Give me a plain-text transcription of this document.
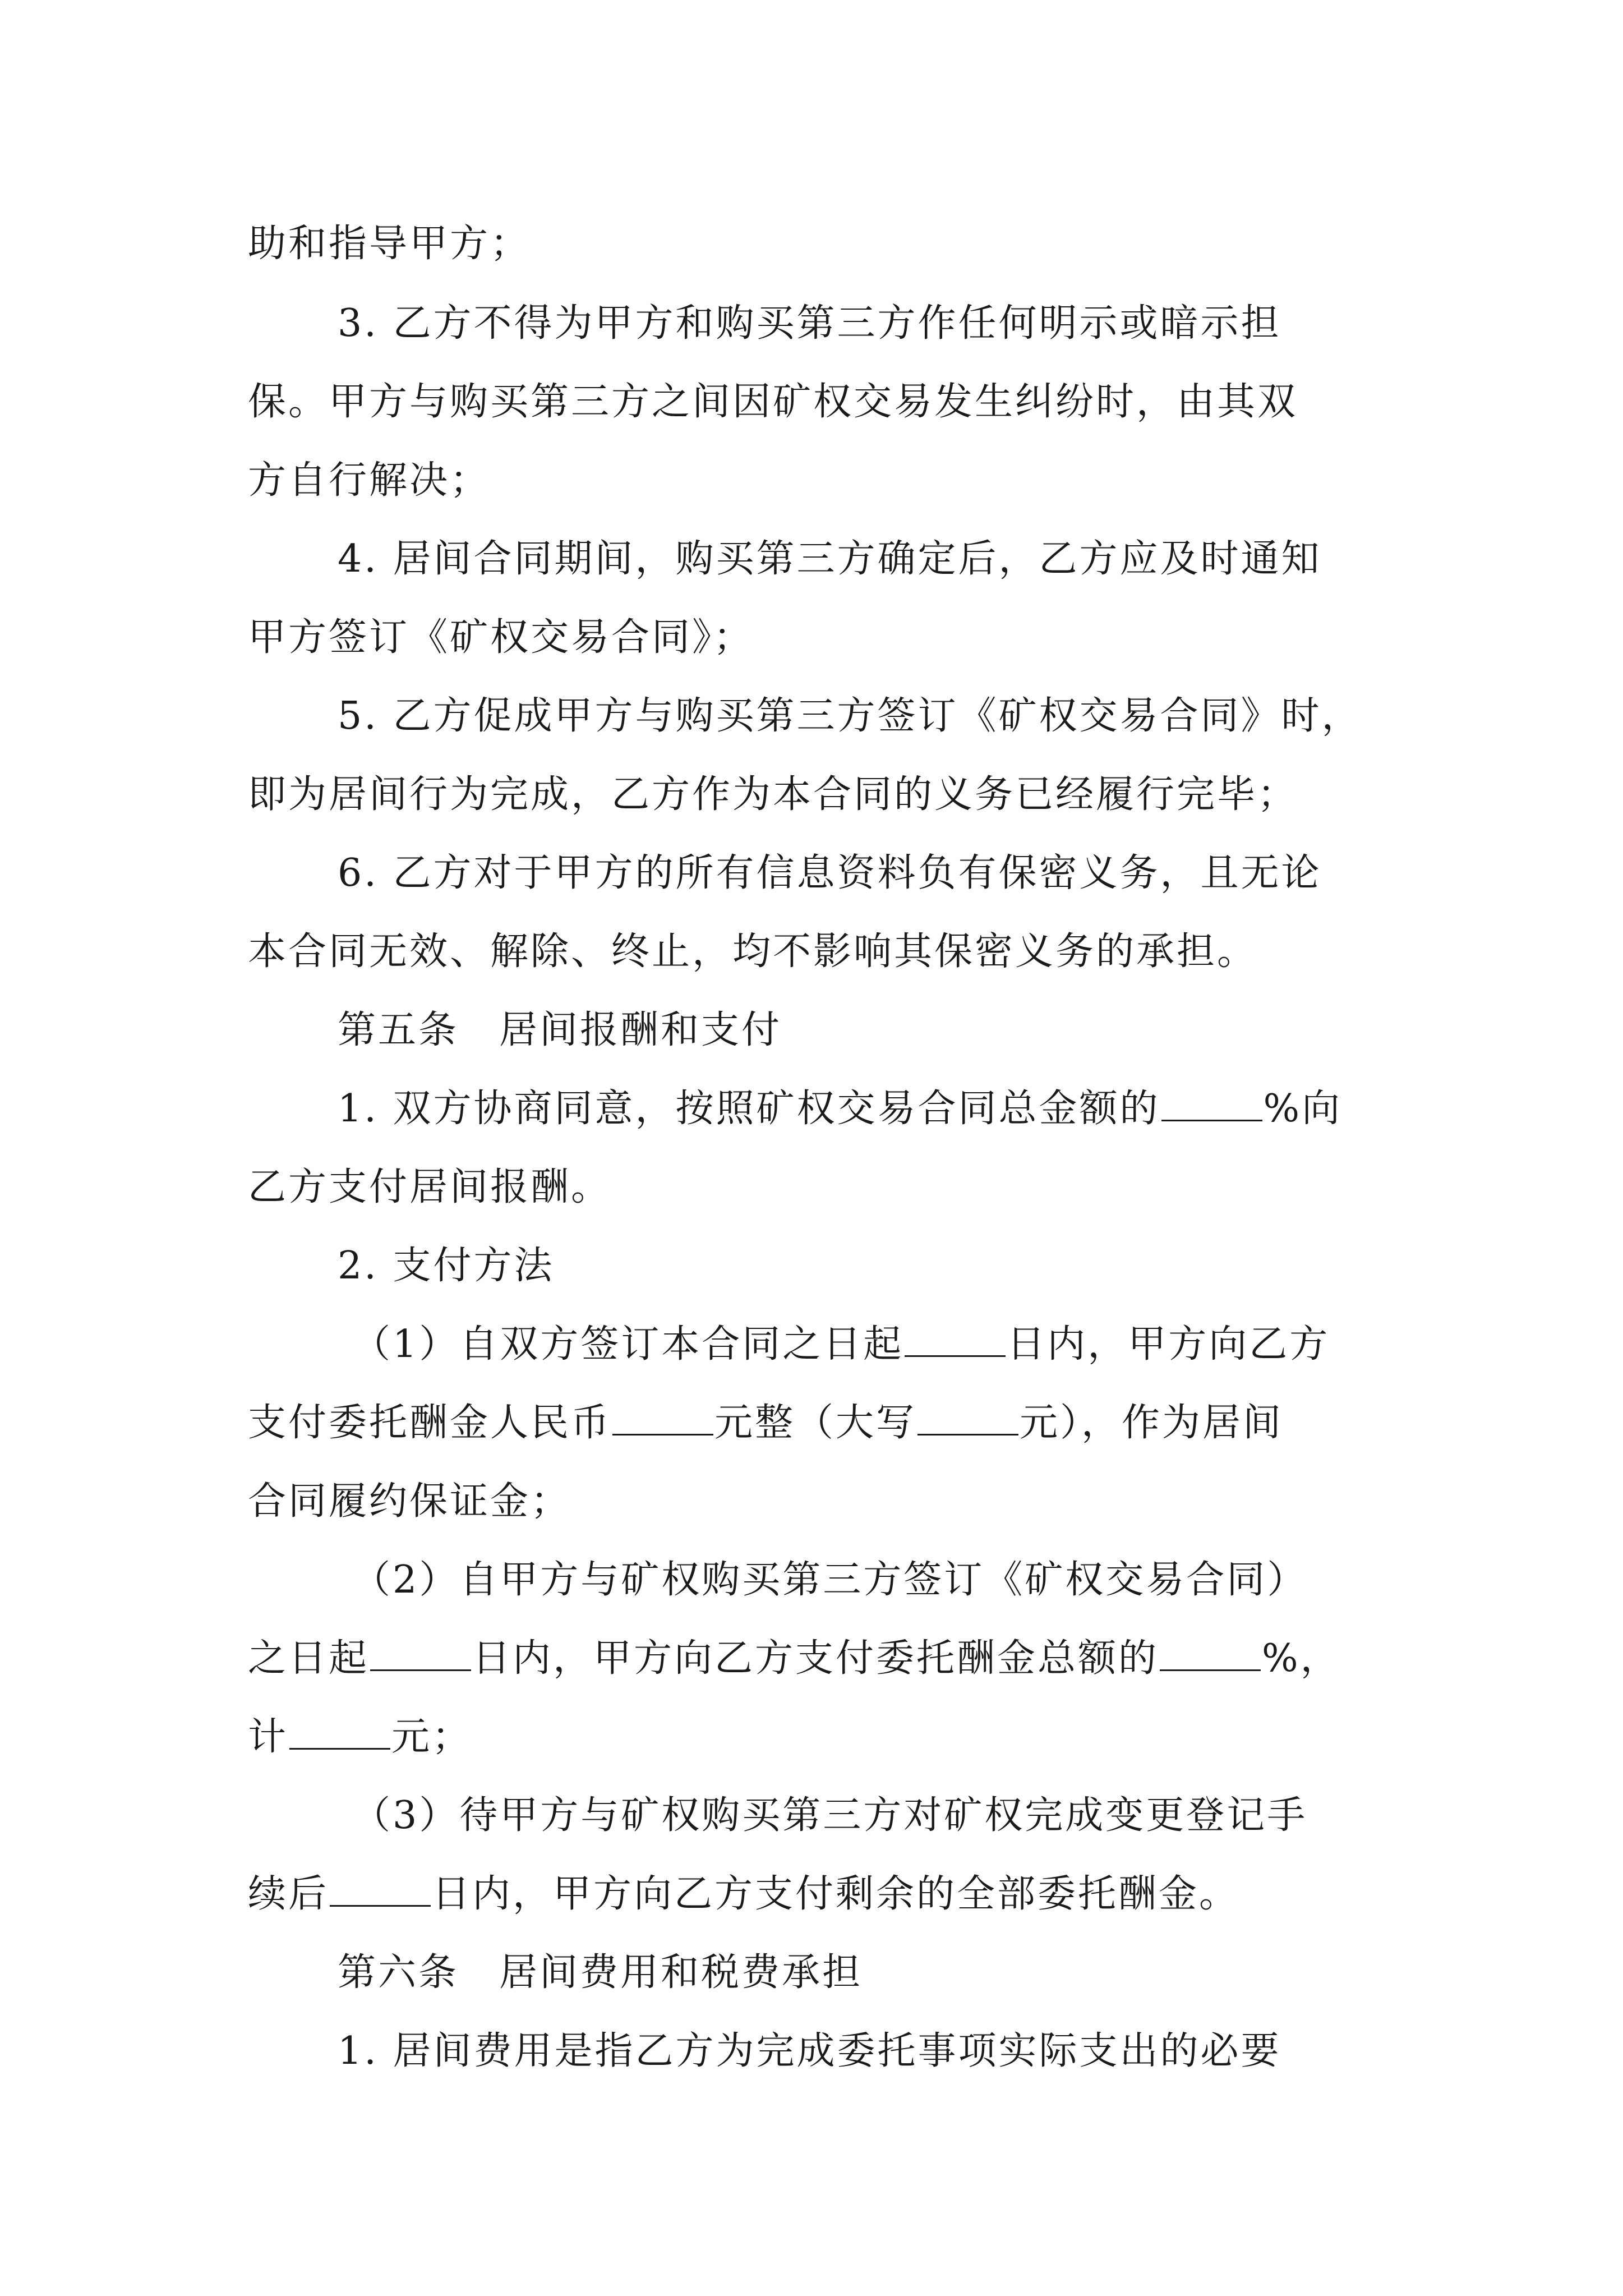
助和指导甲方；
3. 乙方不得为甲方和购买第三方作任何明示或暗示担
保。甲方与购买第三方之间因矿权交易发生纠纷时，由其双
方自行解决；
4. 居间合同期间，购买第三方确定后，乙方应及时通知
甲方签订《矿权交易合同》；
5. 乙方促成甲方与购买第三方签订《矿权交易合同》时，
即为居间行为完成，乙方作为本合同的义务已经履行完毕；
6. 乙方对于甲方的所有信息资料负有保密义务，且无论
本合同无效、解除、终止，均不影响其保密义务的承担。
第五条　居间报酬和支付
1. 双方协商同意，按照矿权交易合同总金额的	%向
乙方支付居间报酬。
2. 支付方法
（1）自双方签订本合同之日起	日内，甲方向乙方
支付委托酬金人民币	元整（大写	元），作为居间
合同履约保证金；
（2）自甲方与矿权购买第三方签订《矿权交易合同）
之日起	日内，甲方向乙方支付委托酬金总额的	%，
计	元；
（3）待甲方与矿权购买第三方对矿权完成变更登记手
续后	日内，甲方向乙方支付剩余的全部委托酬金。
第六条　居间费用和税费承担
1. 居间费用是指乙方为完成委托事项实际支出的必要
